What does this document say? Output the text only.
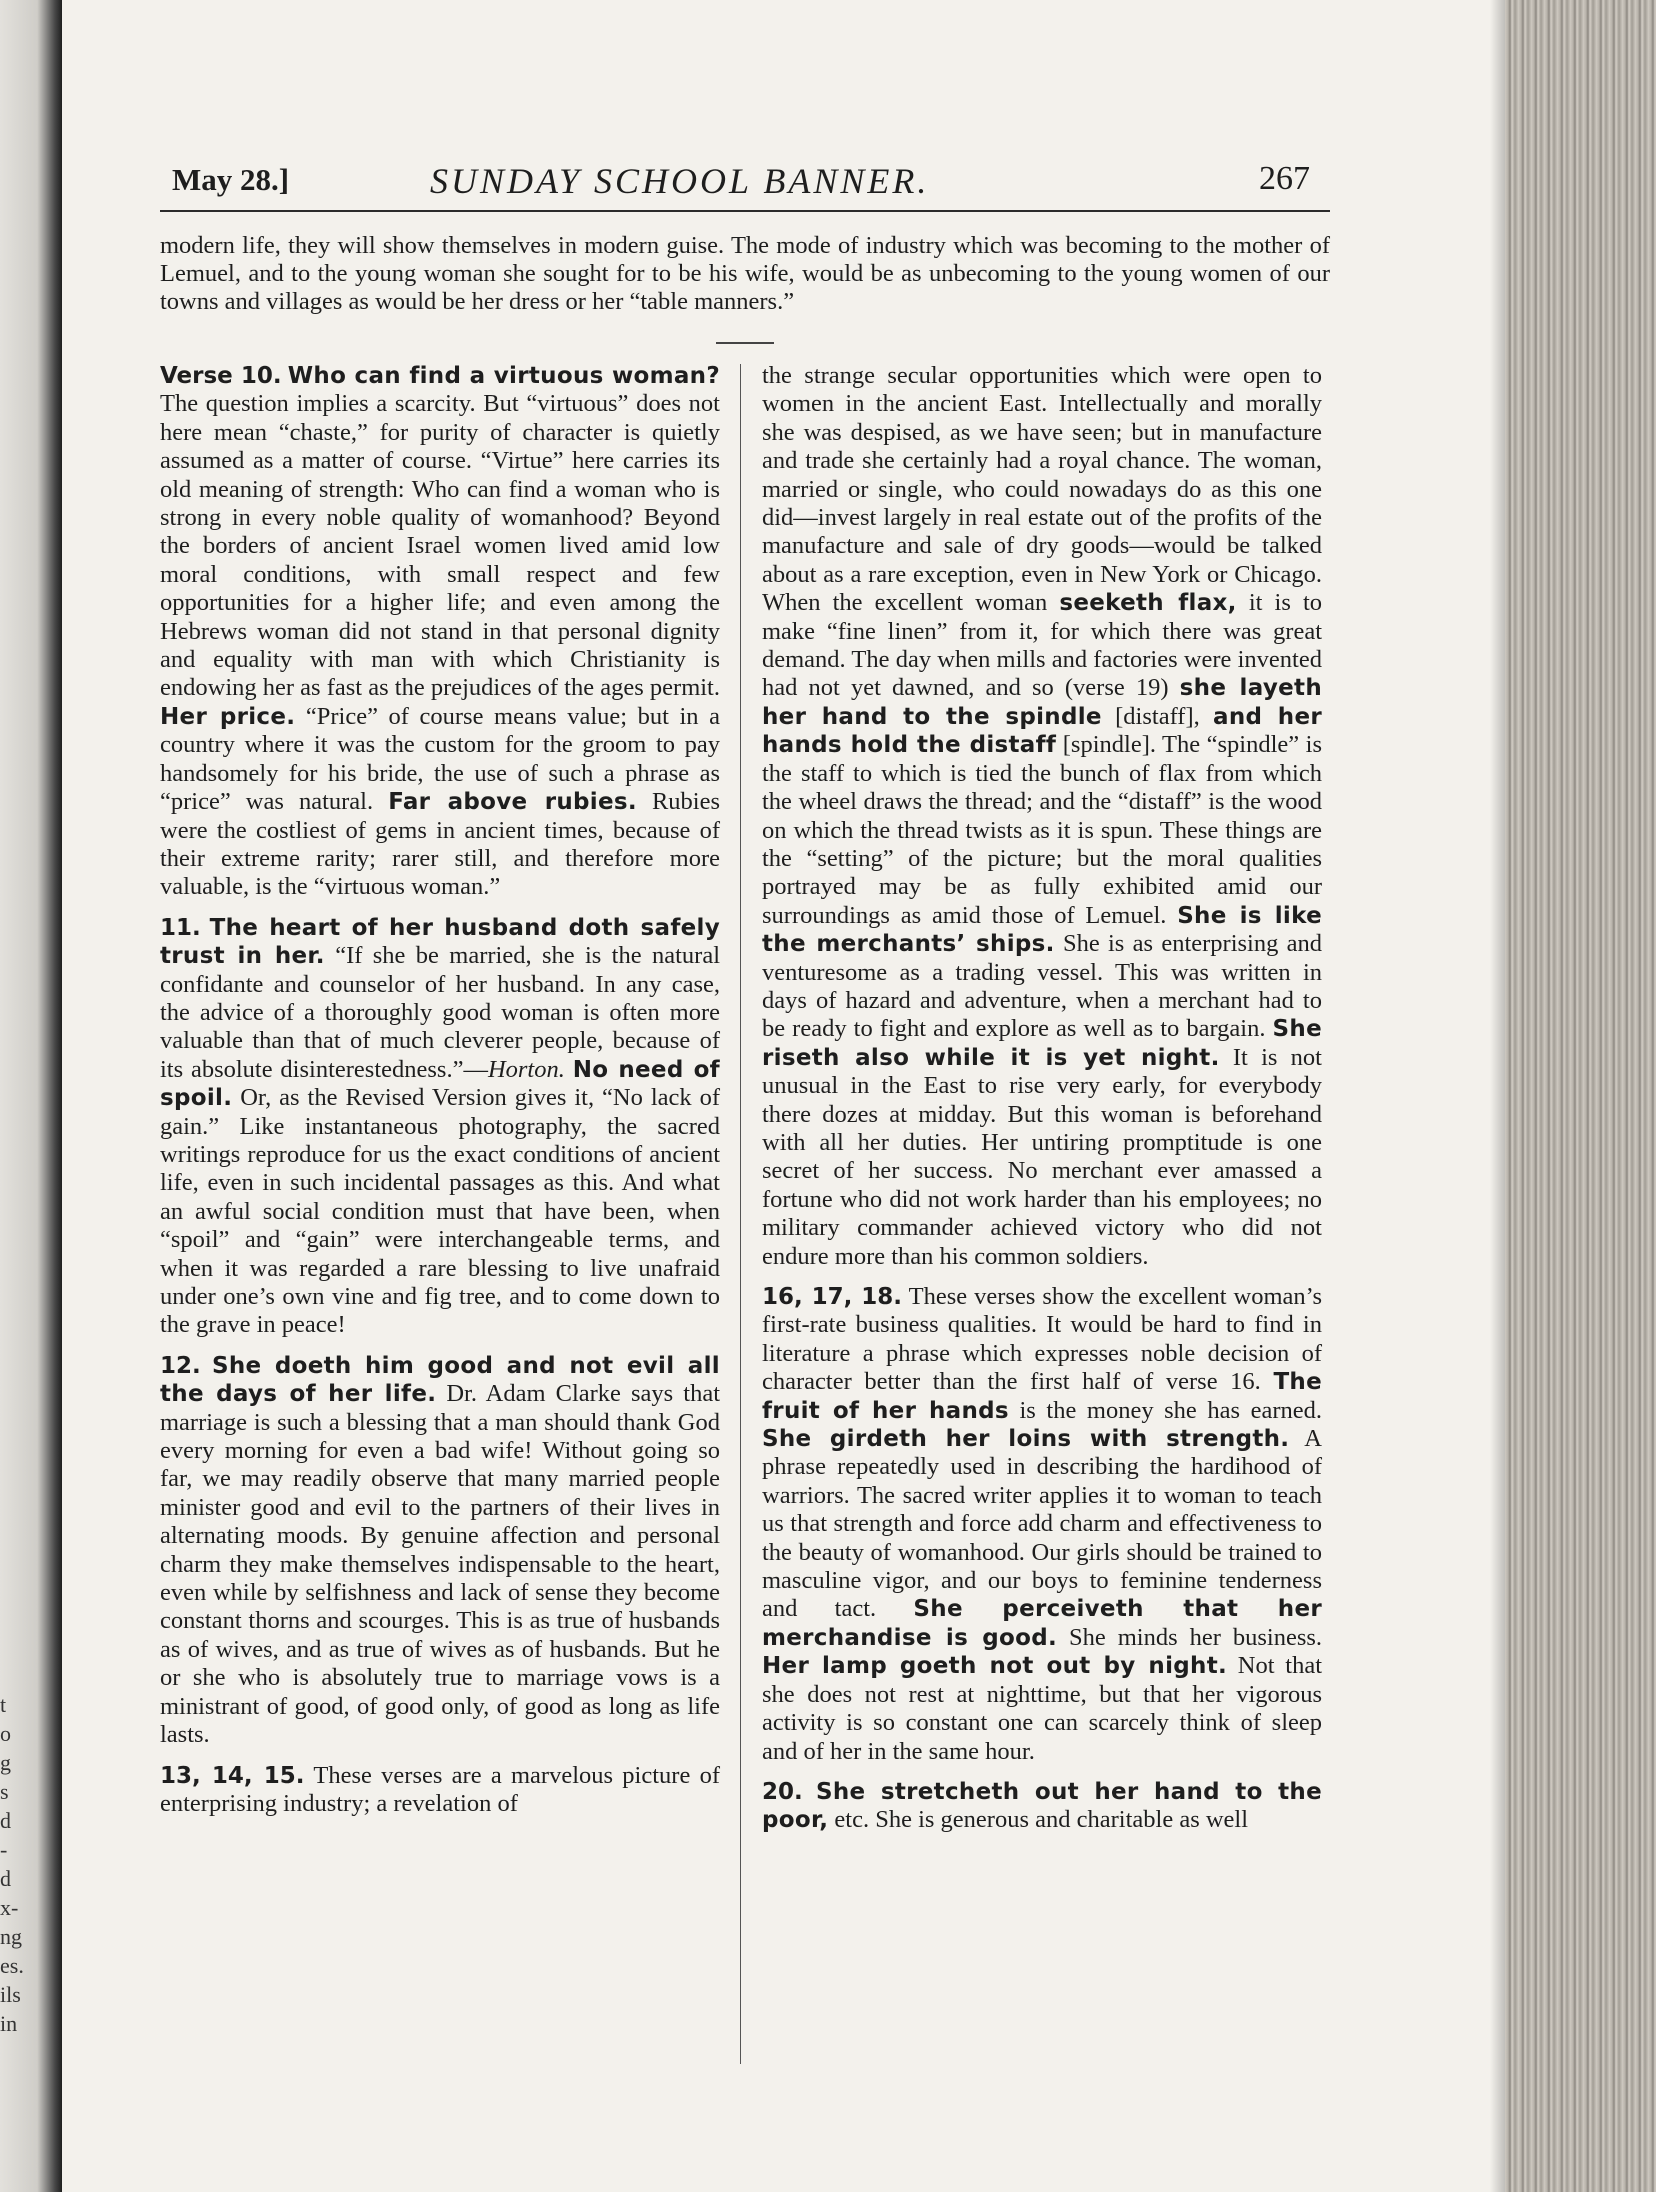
t
o
g
s
d
-
d
x-
ng
es.
ils
in
May 28.]	SUNDAY SCHOOL BANNER.	267
modern life, they will show themselves in modern guise. The mode of industry which was becoming to the mother of Lemuel, and to the young woman she sought for to be his wife, would be as unbecoming to the young women of our towns and villages as would be her dress or her “table manners.”

Verse 10. Who can find a virtuous woman? The question implies a scarcity. But “virtuous” does not here mean “chaste,” for purity of character is quietly assumed as a matter of course. “Virtue” here carries its old meaning of strength: Who can find a woman who is strong in every noble quality of womanhood? Beyond the borders of ancient Israel women lived amid low moral conditions, with small respect and few opportunities for a higher life; and even among the Hebrews woman did not stand in that personal dignity and equality with man with which Christianity is endowing her as fast as the prejudices of the ages permit. Her price. “Price” of course means value; but in a country where it was the custom for the groom to pay handsomely for his bride, the use of such a phrase as “price” was natural. Far above rubies. Rubies were the costliest of gems in ancient times, because of their extreme rarity; rarer still, and therefore more valuable, is the “virtuous woman.”

11. The heart of her husband doth safely trust in her. “If she be married, she is the natural confidante and counselor of her husband. In any case, the advice of a thoroughly good woman is often more valuable than that of much cleverer people, because of its absolute disinterestedness.”—Horton. No need of spoil. Or, as the Revised Version gives it, “No lack of gain.” Like instantaneous photography, the sacred writings reproduce for us the exact conditions of ancient life, even in such incidental passages as this. And what an awful social condition must that have been, when “spoil” and “gain” were interchangeable terms, and when it was regarded a rare blessing to live unafraid under one’s own vine and fig tree, and to come down to the grave in peace!

12. She doeth him good and not evil all the days of her life. Dr. Adam Clarke says that marriage is such a blessing that a man should thank God every morning for even a bad wife! Without going so far, we may readily observe that many married people minister good and evil to the partners of their lives in alternating moods. By genuine affection and personal charm they make themselves indispensable to the heart, even while by selfishness and lack of sense they become constant thorns and scourges. This is as true of husbands as of wives, and as true of wives as of husbands. But he or she who is absolutely true to marriage vows is a ministrant of good, of good only, of good as long as life lasts.

13, 14, 15. These verses are a marvelous picture of enterprising industry; a revelation of

the strange secular opportunities which were open to women in the ancient East. Intellectually and morally she was despised, as we have seen; but in manufacture and trade she certainly had a royal chance. The woman, married or single, who could nowadays do as this one did—invest largely in real estate out of the profits of the manufacture and sale of dry goods—would be talked about as a rare exception, even in New York or Chicago. When the excellent woman seeketh flax, it is to make “fine linen” from it, for which there was great demand. The day when mills and factories were invented had not yet dawned, and so (verse 19) she layeth her hand to the spindle [distaff], and her hands hold the distaff [spindle]. The “spindle” is the staff to which is tied the bunch of flax from which the wheel draws the thread; and the “distaff” is the wood on which the thread twists as it is spun. These things are the “setting” of the picture; but the moral qualities portrayed may be as fully exhibited amid our surroundings as amid those of Lemuel. She is like the merchants’ ships. She is as enterprising and venturesome as a trading vessel. This was written in days of hazard and adventure, when a merchant had to be ready to fight and explore as well as to bargain. She riseth also while it is yet night. It is not unusual in the East to rise very early, for everybody there dozes at midday. But this woman is beforehand with all her duties. Her untiring promptitude is one secret of her success. No merchant ever amassed a fortune who did not work harder than his employees; no military commander achieved victory who did not endure more than his common soldiers.

16, 17, 18. These verses show the excellent woman’s first-rate business qualities. It would be hard to find in literature a phrase which expresses noble decision of character better than the first half of verse 16. The fruit of her hands is the money she has earned. She girdeth her loins with strength. A phrase repeatedly used in describing the hardihood of warriors. The sacred writer applies it to woman to teach us that strength and force add charm and effectiveness to the beauty of womanhood. Our girls should be trained to masculine vigor, and our boys to feminine tenderness and tact. She perceiveth that her merchandise is good. She minds her business. Her lamp goeth not out by night. Not that she does not rest at nighttime, but that her vigorous activity is so constant one can scarcely think of sleep and of her in the same hour.

20. She stretcheth out her hand to the poor, etc. She is generous and charitable as well
